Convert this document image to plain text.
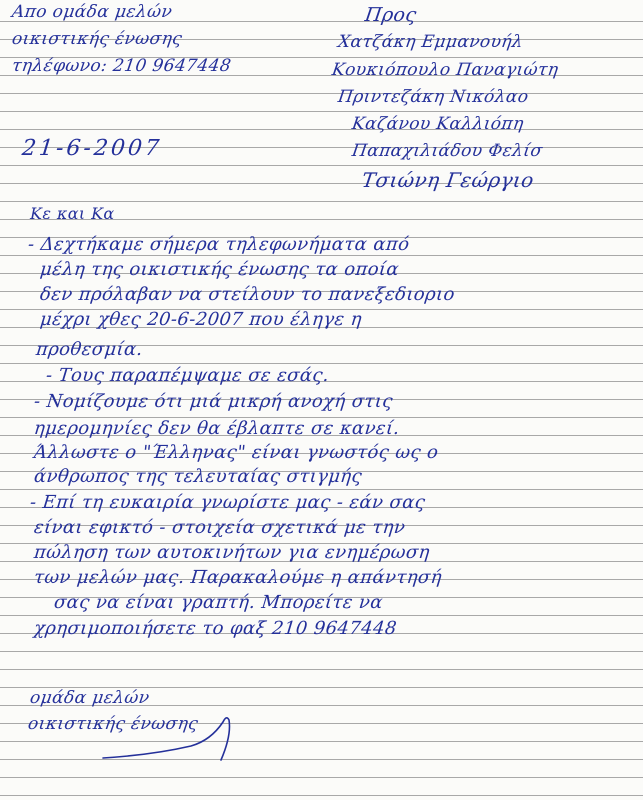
Απο ομάδα μελών
οικιστικής ένωσης
τηλέφωνο: 210 9647448
Προς
Χατζάκη Εμμανουήλ
Κουκιόπουλο Παναγιώτη
Πριντεζάκη Νικόλαο
Καζάνου Καλλιόπη
Παπαχιλιάδου Φελίσ
Τσιώνη Γεώργιο
21-6-2007
Κε και Κα
- Δεχτήκαμε σήμερα τηλεφωνήματα από
μέλη της οικιστικής ένωσης τα οποία
δεν πρόλαβαν να στείλουν το πανεξεδιοριο
μέχρι χθες 20-6-2007 που έληγε η
προθεσμία.
- Τους παραπέμψαμε σε εσάς.
- Νομίζουμε ότι μιά μικρή ανοχή στις
ημερομηνίες δεν θα έβλαπτε σε κανεί.
Άλλωστε ο "Έλληνας" είναι γνωστός ως ο
άνθρωπος της τελευταίας στιγμής
- Επί τη ευκαιρία γνωρίστε μας - εάν σας
είναι εφικτό - στοιχεία σχετικά με την
πώληση των αυτοκινήτων για ενημέρωση
των μελών μας. Παρακαλούμε η απάντησή
σας να είναι γραπτή. Μπορείτε να
χρησιμοποιήσετε το φαξ 210 9647448
ομάδα μελών
οικιστικής ένωσης
